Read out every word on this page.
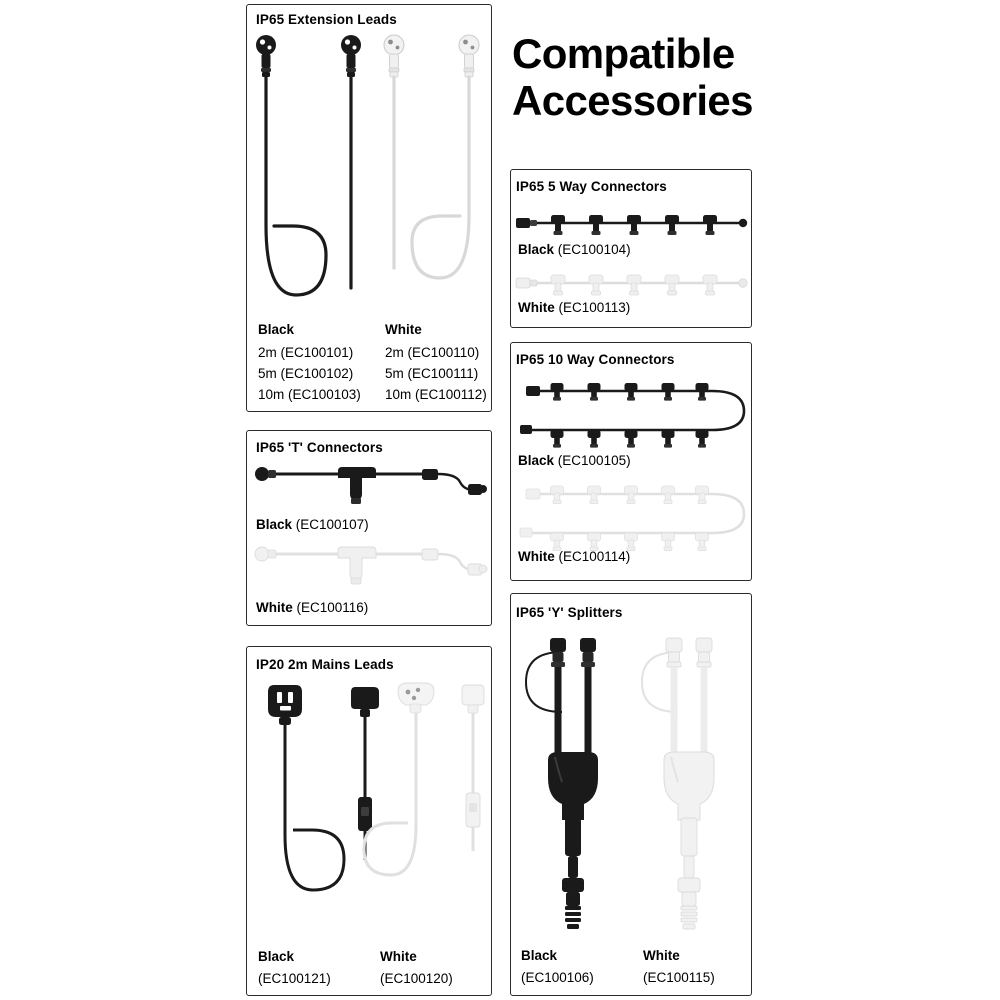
Compatible
Accessories
IP65 Extension Leads
Black
2m (EC100101)
5m (EC100102)
10m (EC100103)
White
2m (EC100110)
5m (EC100111)
10m (EC100112)
IP65 5 Way Connectors
Black (EC100104)
White (EC100113)
IP65 10 Way Connectors
Black (EC100105)
White (EC100114)
IP65 'T' Connectors
Black (EC100107)
White (EC100116)	IP65 'Y' Splitters
Black
(EC100106)
White
(EC100115)
IP20 2m Mains Leads
Black
(EC100121)
White
(EC100120)
